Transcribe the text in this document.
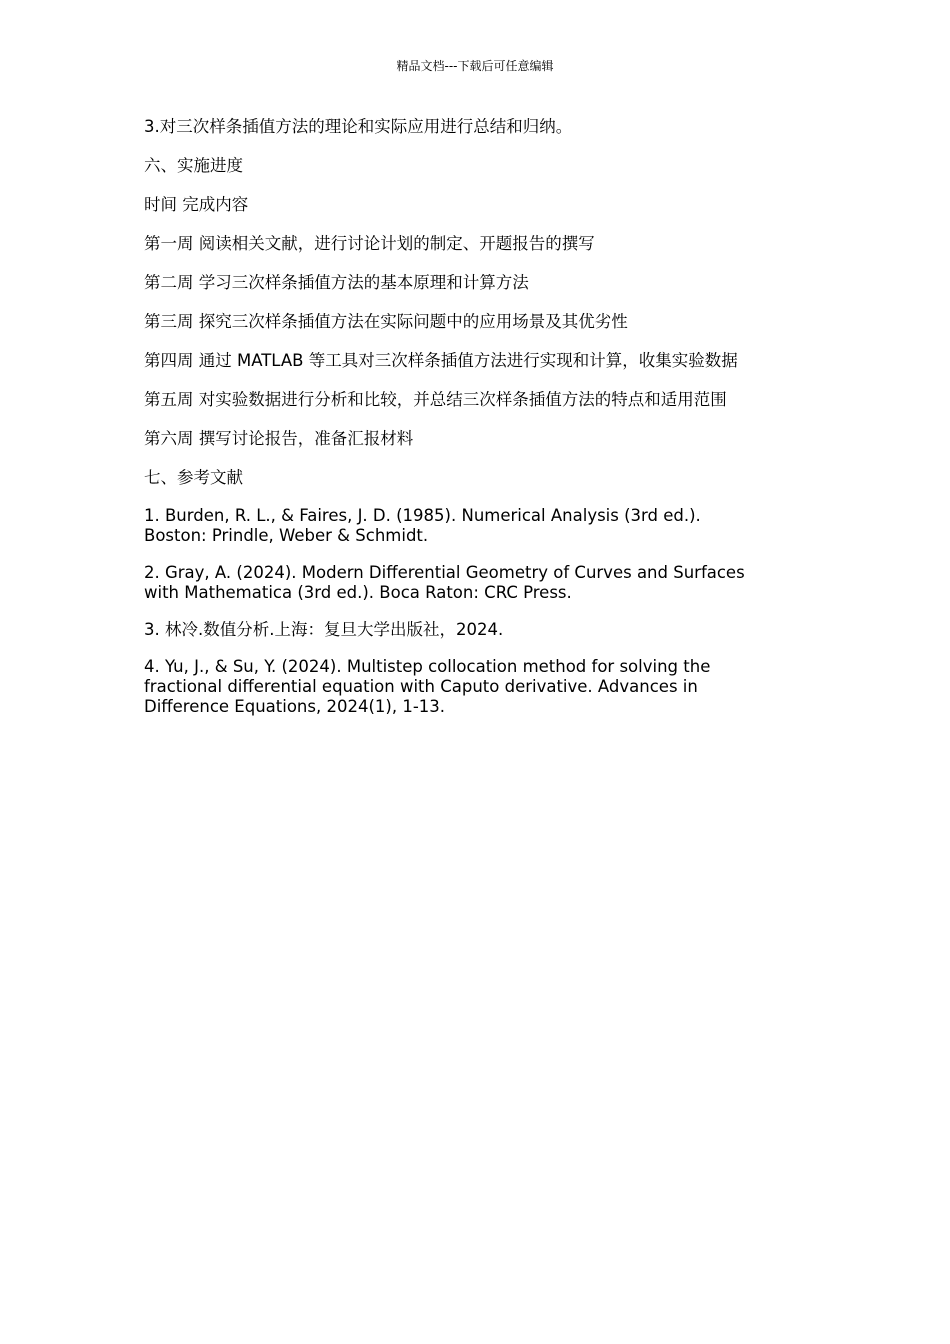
精品文档---下载后可任意编辑

3.对三次样条插值方法的理论和实际应用进行总结和归纳。

六、实施进度

时间 完成内容

第一周 阅读相关文献，进行讨论计划的制定、开题报告的撰写

第二周 学习三次样条插值方法的基本原理和计算方法

第三周 探究三次样条插值方法在实际问题中的应用场景及其优劣性

第四周 通过 MATLAB 等工具对三次样条插值方法进行实现和计算，收集实验数据

第五周 对实验数据进行分析和比较，并总结三次样条插值方法的特点和适用范围

第六周 撰写讨论报告，准备汇报材料

七、参考文献

1. Burden, R. L., & Faires, J. D. (1985). Numerical Analysis (3rd ed.).
Boston: Prindle, Weber & Schmidt.
2. Gray, A. (2024). Modern Differential Geometry of Curves and Surfaces
with Mathematica (3rd ed.). Boca Raton: CRC Press.
3. 林冷.数值分析.上海：复旦大学出版社，2024.
4. Yu, J., & Su, Y. (2024). Multistep collocation method for solving the
fractional differential equation with Caputo derivative. Advances in
Difference Equations, 2024(1), 1-13.
